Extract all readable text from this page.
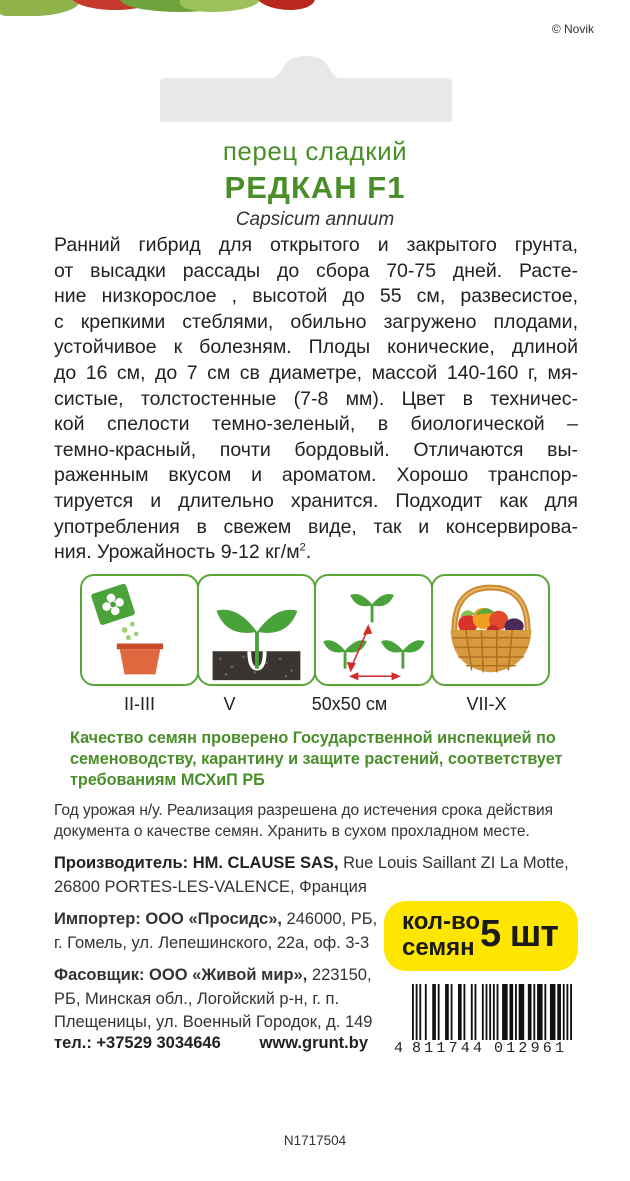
© Novik
перец сладкий
РЕДКАН F1
Capsicum annuum
Ранний гибрид для открытого и закрытого грунта,
от высадки рассады до сбора 70-75 дней. Расте-
ние низкорослое , высотой до 55 см, развесистое,
с крепкими стеблями, обильно загружено плодами,
устойчивое к болезням. Плоды конические, длиной
до 16 см, до 7 см св диаметре, массой 140-160 г, мя-
систые, толстостенные (7-8 мм). Цвет в техничес-
кой спелости темно-зеленый, в биологической –
темно-красный, почти бордовый. Отличаются вы-
раженным вкусом и ароматом. Хорошо транспор-
тируется и длительно хранится. Подходит как для
употребления в свежем виде, так и консервирова-
ния. Урожайность 9-12 $кг/м^2$.
II-III	V	50x50 см	VII-X
Качество семян проверено Государственной инспекцией по семеноводству, карантину и защите растений, соответствует требованиям МСХиП РБ
Год урожая н/у. Реализация разрешена до истечения срока действия документа о качестве семян. Хранить в сухом прохладном месте.
Производитель: HM. CLAUSE SAS, Rue Louis Saillant ZI La Motte, 26800 PORTES-LES-VALENCE, Франция
Импортер: ООО «Просидс», 246000, РБ, г. Гомель, ул. Лепешинского, 22а, оф. 3-3
Фасовщик: ООО «Живой мир», 223150, РБ, Минская обл., Логойский р-н, г. п. Плещеницы, ул. Военный Городок, д. 149
тел.: +37529 3034646 www.grunt.by
кол-во
семян 5 шт
4 811744 012961
N1717504
